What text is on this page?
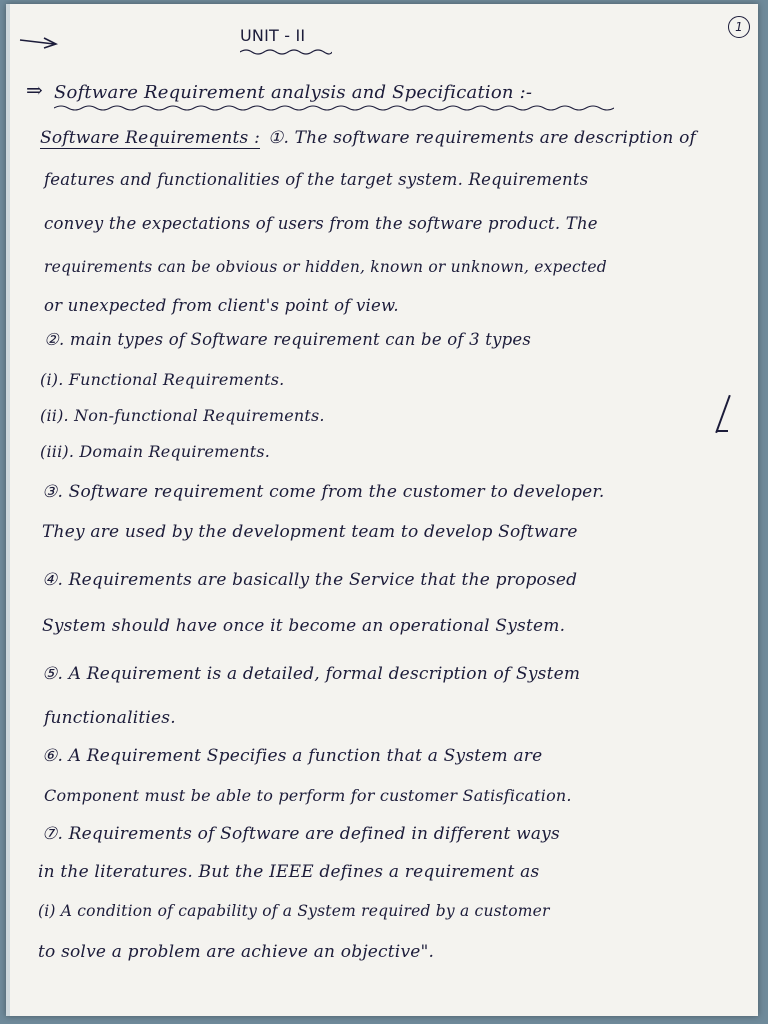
UNIT - II	1
⇒ Software Requirement analysis and Specification :-
Software Requirements : ①. The software requirements are description of
features and functionalities of the target system. Requirements
convey the expectations of users from the software product. The
requirements can be obvious or hidden, known or unknown, expected
or unexpected from client's point of view.
②. main types of Software requirement can be of 3 types
(i). Functional Requirements.
(ii). Non-functional Requirements.
(iii). Domain Requirements.
③. Software requirement come from the customer to developer.
They are used by the development team to develop Software
④. Requirements are basically the Service that the proposed
System should have once it become an operational System.
⑤. A Requirement is a detailed, formal description of System
functionalities.
⑥. A Requirement Specifies a function that a System are
Component must be able to perform for customer Satisfication.
⑦. Requirements of Software are defined in different ways
in the literatures. But the IEEE defines a requirement as
(i) A condition of capability of a System required by a customer
to solve a problem are achieve an objective".
